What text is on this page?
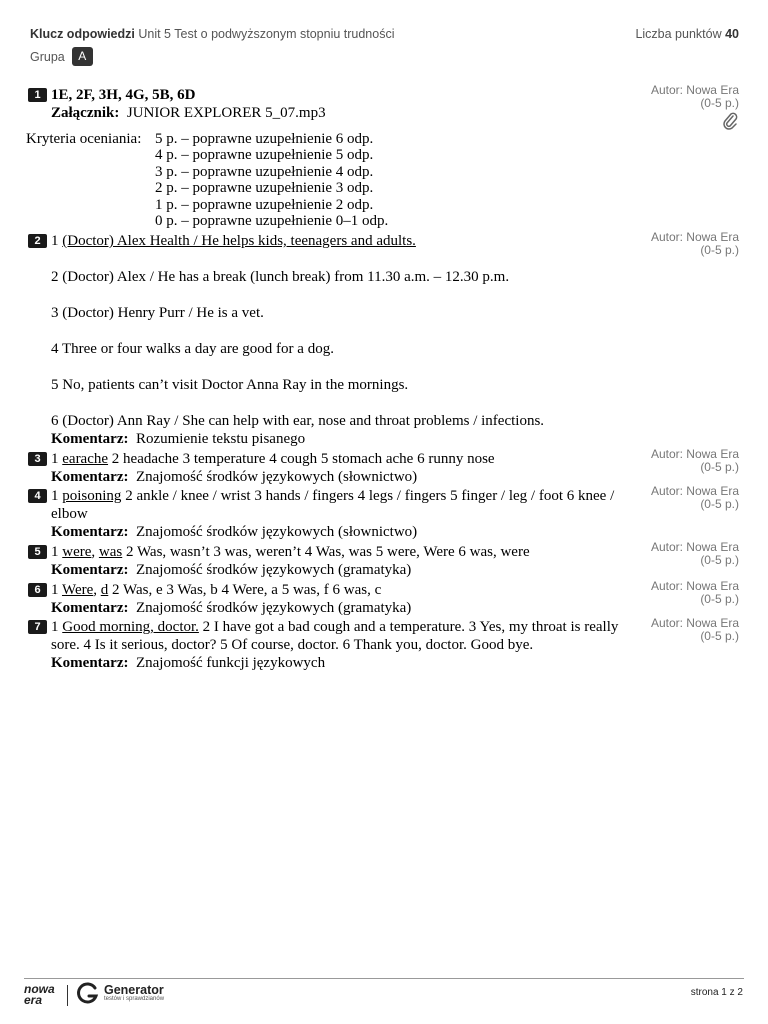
Klucz odpowiedzi Unit 5 Test o podwyższonym stopniu trudności	Liczba punktów 40
Grupa	A
1 1E, 2F, 3H, 4G, 5B, 6D

Załącznik: JUNIOR EXPLORER 5_07.mp3

Autor: Nowa Era
(0-5 p.)
Kryteria oceniania: 5 p. – poprawne uzupełnienie 6 odp.
4 p. – poprawne uzupełnienie 5 odp.
3 p. – poprawne uzupełnienie 4 odp.
2 p. – poprawne uzupełnienie 3 odp.
1 p. – poprawne uzupełnienie 2 odp.
0 p. – poprawne uzupełnienie 0–1 odp.
2 1 (Doctor) Alex Health / He helps kids, teenagers and adults.

2 (Doctor) Alex / He has a break (lunch break) from 11.30 a.m. – 12.30 p.m.

3 (Doctor) Henry Purr / He is a vet.

4 Three or four walks a day are good for a dog.

5 No, patients can’t visit Doctor Anna Ray in the mornings.

6 (Doctor) Ann Ray / She can help with ear, nose and throat problems / infections.

Komentarz: Rozumienie tekstu pisanego

Autor: Nowa Era
(0-5 p.)
3 1 earache 2 headache 3 temperature 4 cough 5 stomach ache 6 runny nose

Komentarz: Znajomość środków językowych (słownictwo)

Autor: Nowa Era
(0-5 p.)
4 1 poisoning 2 ankle / knee / wrist 3 hands / fingers 4 legs / fingers 5 finger / leg / foot 6 knee / elbow

Komentarz: Znajomość środków językowych (słownictwo)

Autor: Nowa Era
(0-5 p.)
5 1 were, was 2 Was, wasn’t 3 was, weren’t 4 Was, was 5 were, Were 6 was, were

Komentarz: Znajomość środków językowych (gramatyka)

Autor: Nowa Era
(0-5 p.)
6 1 Were, d 2 Was, e 3 Was, b 4 Were, a 5 was, f 6 was, c

Komentarz: Znajomość środków językowych (gramatyka)

Autor: Nowa Era
(0-5 p.)
7 1 Good morning, doctor. 2 I have got a bad cough and a temperature. 3 Yes, my throat is really sore. 4 Is it serious, doctor? 5 Of course, doctor. 6 Thank you, doctor. Good bye.

Komentarz: Znajomość funkcji językowych

Autor: Nowa Era
(0-5 p.)
nowa
era
Generator
testów i sprawdzianów
strona 1 z 2
